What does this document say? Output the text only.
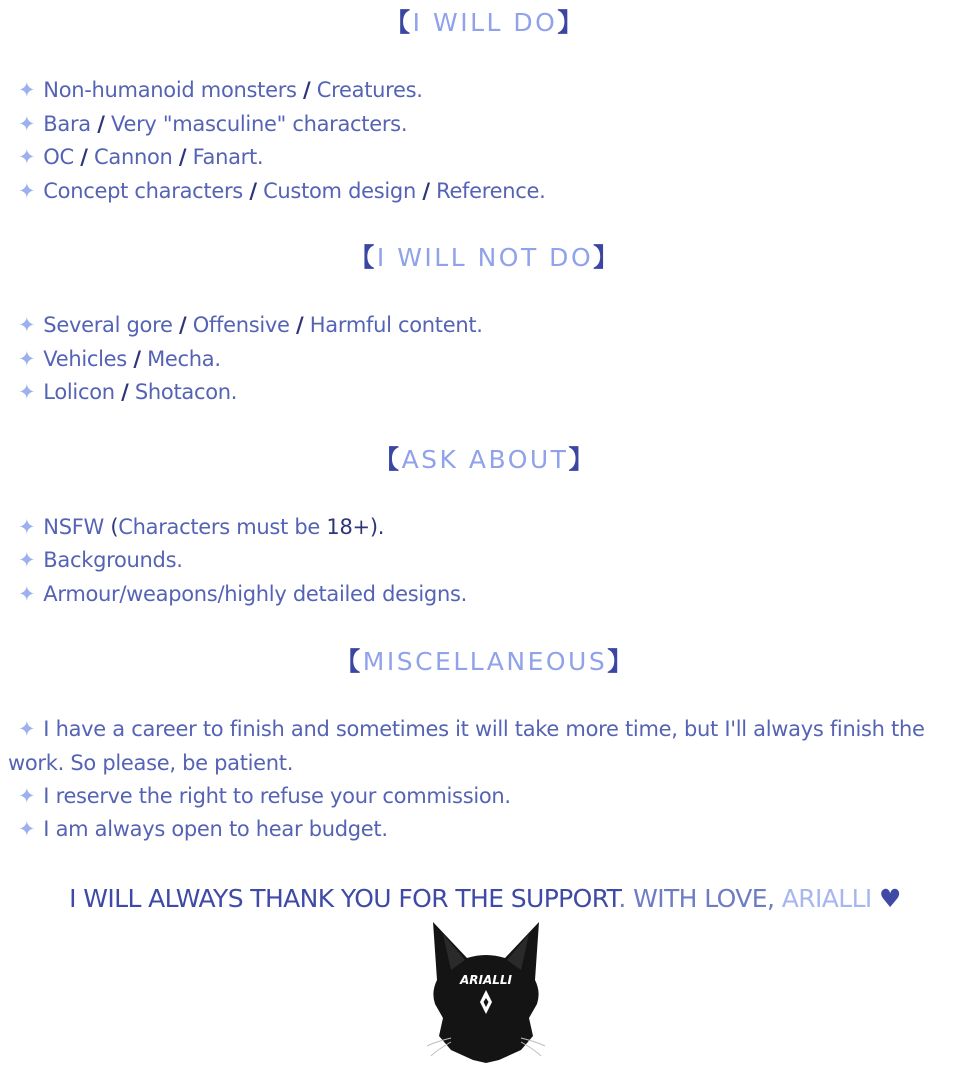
【I WILL DO】
✦ Non-humanoid monsters / Creatures.
✦ Bara / Very "masculine" characters.
✦ OC / Cannon / Fanart.
✦ Concept characters / Custom design / Reference.
【I WILL NOT DO】
✦ Several gore / Offensive / Harmful content.
✦ Vehicles / Mecha.
✦ Lolicon / Shotacon.
【ASK ABOUT】
✦ NSFW (Characters must be 18+).
✦ Backgrounds.
✦ Armour/weapons/highly detailed designs.
【MISCELLANEOUS】
✦ I have a career to finish and sometimes it will take more time, but I'll always finish the work. So please, be patient.
✦ I reserve the right to refuse your commission.
✦ I am always open to hear budget.
I WILL ALWAYS THANK YOU FOR THE SUPPORT. WITH LOVE, ARIALLI ♥
ARIALLI
